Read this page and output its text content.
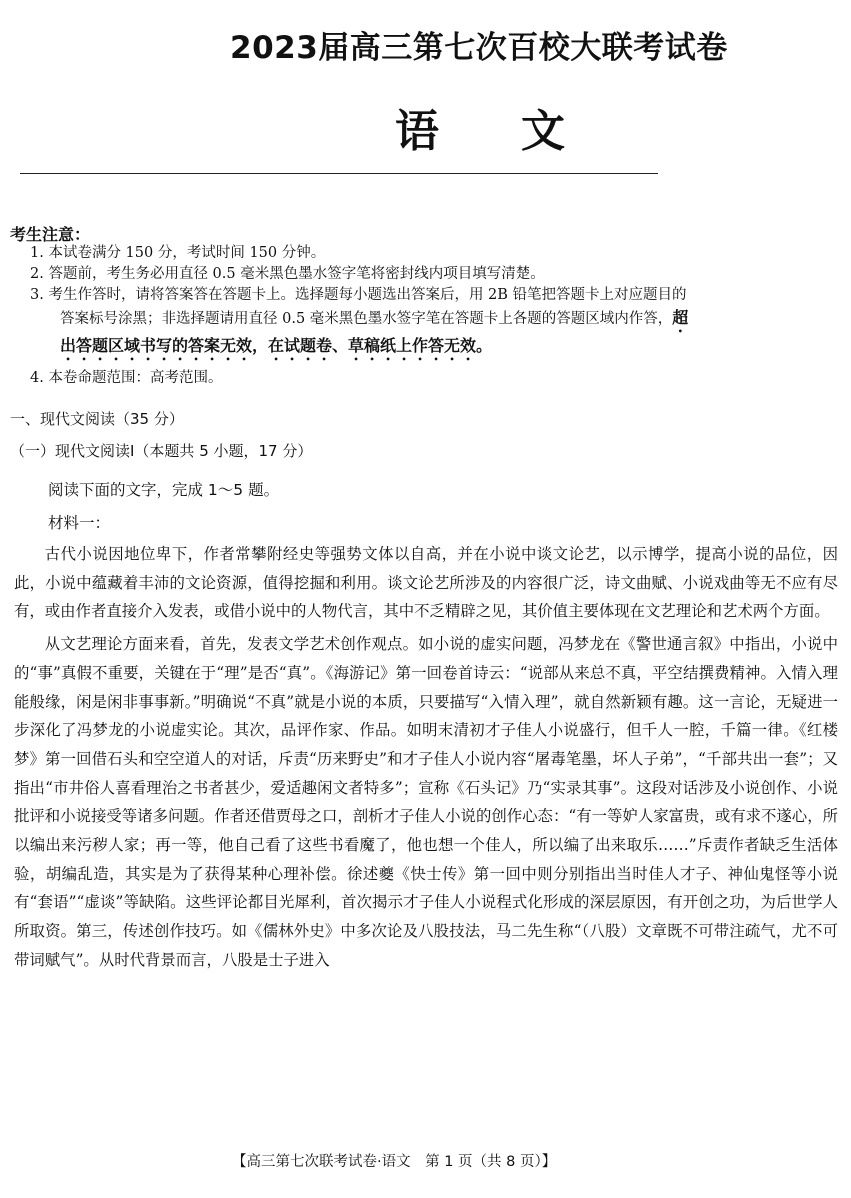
2023届高三第七次百校大联考试卷
语文
考生注意：
1. 本试卷满分 150 分，考试时间 150 分钟。
2. 答题前，考生务必用直径 0.5 毫米黑色墨水签字笔将密封线内项目填写清楚。
3. 考生作答时，请将答案答在答题卡上。选择题每小题选出答案后，用 2B 铅笔把答题卡上对应题目的
答案标号涂黑；非选择题请用直径 0.5 毫米黑色墨水签字笔在答题卡上各题的答题区域内作答，超
出答题区域书写的答案无效，在试题卷、草稿纸上作答无效。
4. 本卷命题范围：高考范围。
一、现代文阅读（35 分）
（一）现代文阅读Ⅰ（本题共 5 小题，17 分）
阅读下面的文字，完成 1～5 题。
材料一：

古代小说因地位卑下，作者常攀附经史等强势文体以自高，并在小说中谈文论艺，以示博学，提高小说的品位，因此，小说中蕴藏着丰沛的文论资源，值得挖掘和利用。谈文论艺所涉及的内容很广泛，诗文曲赋、小说戏曲等无不应有尽有，或由作者直接介入发表，或借小说中的人物代言，其中不乏精辟之见，其价值主要体现在文艺理论和艺术两个方面。

从文艺理论方面来看，首先，发表文学艺术创作观点。如小说的虚实问题，冯梦龙在《警世通言叙》中指出，小说中的“事”真假不重要，关键在于“理”是否“真”。《海游记》第一回卷首诗云：“说部从来总不真，平空结撰费精神。入情入理能般缘，闲是闲非事事新。”明确说“不真”就是小说的本质，只要描写“入情入理”，就自然新颖有趣。这一言论，无疑进一步深化了冯梦龙的小说虚实论。其次，品评作家、作品。如明末清初才子佳人小说盛行，但千人一腔，千篇一律。《红楼梦》第一回借石头和空空道人的对话，斥责“历来野史”和才子佳人小说内容“屠毒笔墨，坏人子弟”，“千部共出一套”；又指出“市井俗人喜看理治之书者甚少，爱适趣闲文者特多”；宣称《石头记》乃“实录其事”。这段对话涉及小说创作、小说批评和小说接受等诸多问题。作者还借贾母之口，剖析才子佳人小说的创作心态：“有一等妒人家富贵，或有求不遂心，所以编出来污秽人家；再一等，他自己看了这些书看魔了，他也想一个佳人，所以编了出来取乐……”斥责作者缺乏生活体验，胡编乱造，其实是为了获得某种心理补偿。徐述夔《快士传》第一回中则分别指出当时佳人才子、神仙鬼怪等小说有“套语”“虚谈”等缺陷。这些评论都目光犀利，首次揭示才子佳人小说程式化形成的深层原因，有开创之功，为后世学人所取资。第三，传述创作技巧。如《儒林外史》中多次论及八股技法，马二先生称“（八股）文章既不可带注疏气，尤不可带词赋气”。从时代背景而言，八股是士子进入

【高三第七次联考试卷·语文　第 1 页（共 8 页）】
